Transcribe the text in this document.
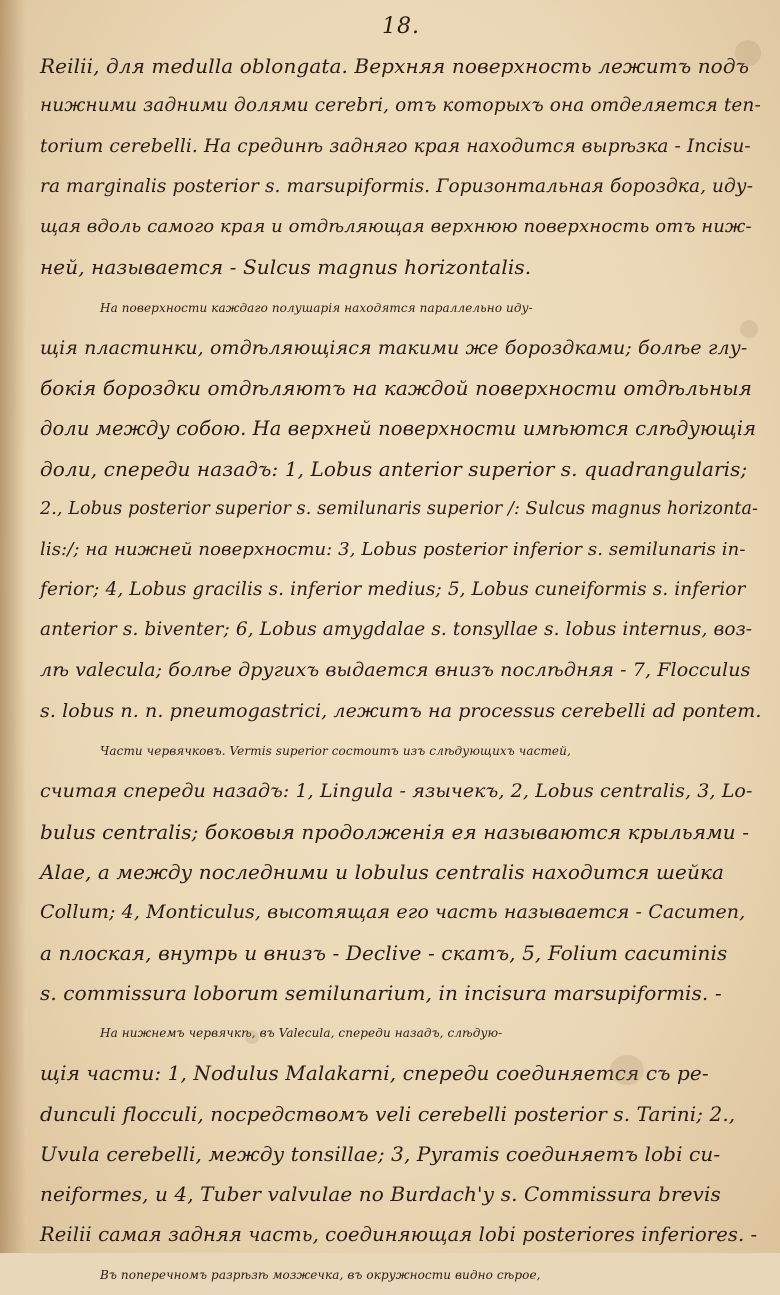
18.
Reilii, для medulla oblongata. Верхняя поверхность лежитъ подъ
нижними задними долями cerebri, отъ которыхъ она отделяется ten-
torium cerebelli. На срединѣ задняго края находится вырѣзка - Incisu-
ra marginalis posterior s. marsupiformis. Горизонтальная бороздка, иду-
щая вдоль самого края и отдѣляющая верхнюю поверхность отъ ниж-
ней, называется - Sulcus magnus horizontalis.
На поверхности каждаго полушарія находятся параллельно иду-
щія пластинки, отдѣляющіяся такими же бороздками; болѣе глу-
бокія бороздки отдѣляютъ на каждой поверхности отдѣльныя
доли между собою. На верхней поверхности имѣются слѣдующія
доли, спереди назадъ: 1, Lobus anterior superior s. quadrangularis;
2., Lobus posterior superior s. semilunaris superior /: Sulcus magnus horizonta-
lis:/; на нижней поверхности: 3, Lobus posterior inferior s. semilunaris in-
ferior; 4, Lobus gracilis s. inferior medius; 5, Lobus cuneiformis s. inferior
anterior s. biventer; 6, Lobus amygdalae s. tonsyllae s. lobus internus, воз-
лѣ valecula; болѣе другихъ выдается внизъ послѣдняя - 7, Flocculus
s. lobus n. n. pneumogastrici, лежитъ на processus cerebelli ad pontem.
Части червячковъ. Vermis superior состоитъ изъ слѣдующихъ частей,
считая спереди назадъ: 1, Lingula - язычекъ, 2, Lobus centralis, 3, Lo-
bulus centralis; боковыя продолженія ея называются крыльями -
Alae, а между последними и lobulus centralis находится шейка
Collum; 4, Monticulus, высотящая его часть называется - Cacumen,
а плоская, внутрь и внизъ - Declive - скатъ, 5, Folium cacuminis
s. commissura loborum semilunarium, in incisura marsupiformis. -
На нижнемъ червячкѣ, въ Valecula, спереди назадъ, слѣдую-
щія части: 1, Nodulus Malakarni, спереди соединяется съ pe-
dunculi flocculi, посредствомъ veli cerebelli posterior s. Tarini; 2.,
Uvula cerebelli, между tonsillae; 3, Pyramis соединяетъ lobi cu-
neiformes, и 4, Tuber valvulae по Burdach'у s. Commissura brevis
Reilii самая задняя часть, соединяющая lobi posteriores inferiores. -
Въ поперечномъ разрѣзѣ мозжечка, въ окружности видно сѣрое,
